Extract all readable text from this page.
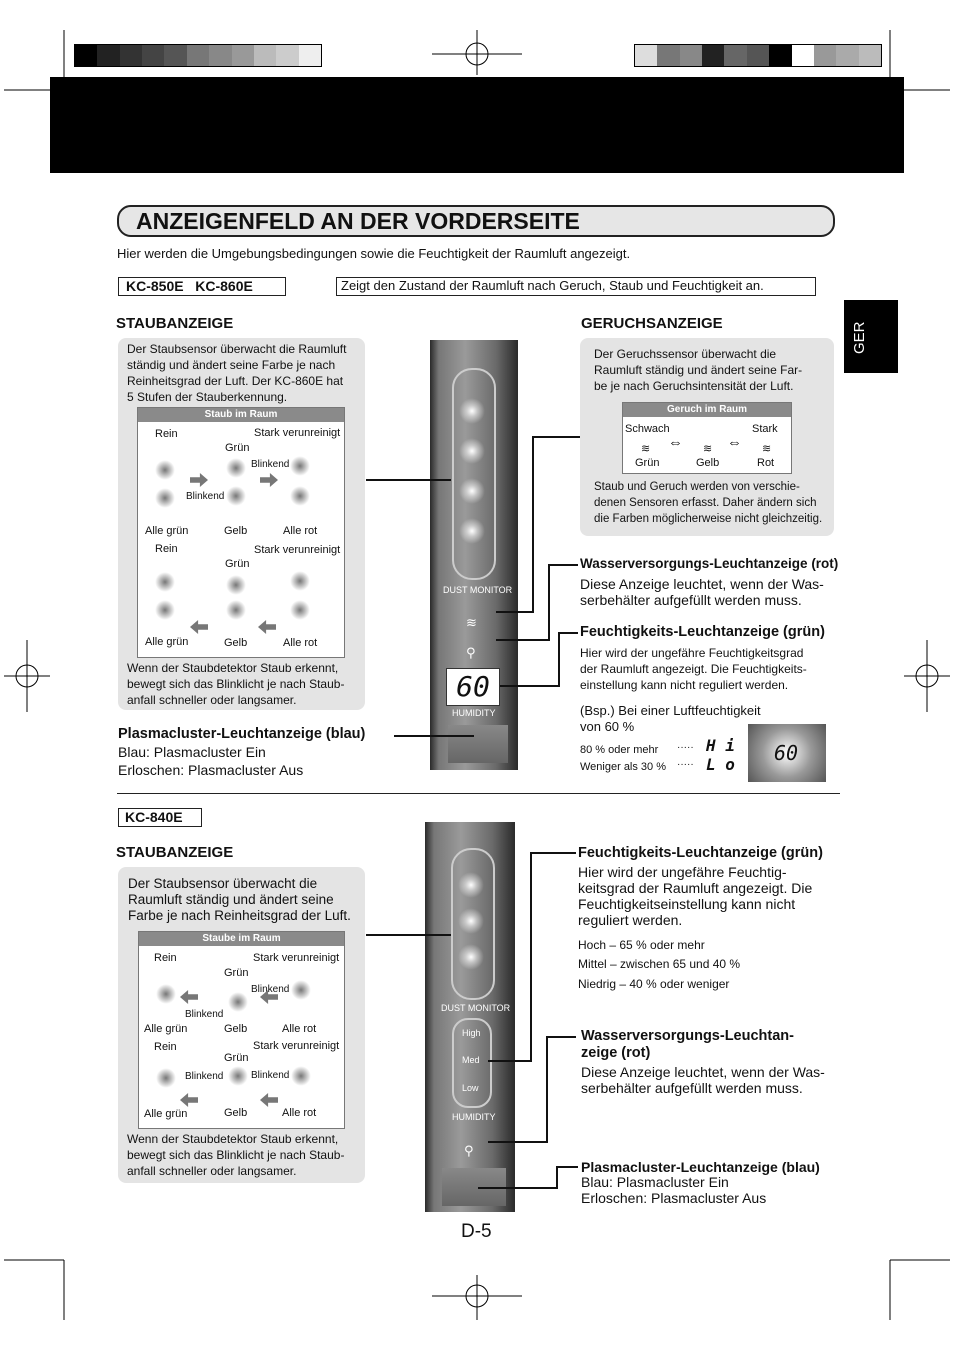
ANZEIGENFELD AN DER VORDERSEITE
Hier werden die Umgebungsbedingungen sowie die Feuchtigkeit der Raumluft angezeigt.
GER
KC-850E   KC-860E	Zeigt den Zustand der Raumluft nach Geruch, Staub und Feuchtigkeit an.
STAUBANZEIGE
Der Staubsensor überwacht die Raumluft
ständig und ändert seine Farbe je nach
Reinheitsgrad der Luft. Der KC-860E hat
5 Stufen der Stauberkennung.
Staub im Raum
Rein	Stark verunreinigt
Grün
Blinkend
Blinkend
Alle grün	Gelb	Alle rot
Rein	Stark verunreinigt
Grün
Alle grün	Gelb	Alle rot
Wenn der Staubdetektor Staub erkennt,
bewegt sich das Blinklicht je nach Staub-
anfall schneller oder langsamer.
DUST MONITOR
≋
⚲
60
HUMIDITY
GERUCHSANZEIGE
Der Geruchssensor überwacht die
Raumluft ständig und ändert seine Far-
be je nach Geruchsintensität der Luft.
Geruch im Raum
Schwach	Stark
≋ ⇔ ≋ ⇔ ≋
Grün	Gelb	Rot
Staub und Geruch werden von verschie-
denen Sensoren erfasst. Daher ändern sich
die Farben möglicherweise nicht gleichzeitig.
Wasserversorgungs-Leuchtanzeige (rot)
Diese Anzeige leuchtet, wenn der Was-
serbehälter aufgefüllt werden muss.
Feuchtigkeits-Leuchtanzeige (grün)
Hier wird der ungefähre Feuchtigkeitsgrad
der Raumluft angezeigt. Die Feuchtigkeits-
einstellung kann nicht reguliert werden.
(Bsp.) Bei einer Luftfeuchtigkeit
von 60 %
80 % oder mehr ····· H i
Weniger als 30 % ····· L o	60
Plasmacluster-Leuchtanzeige (blau)
Blau: Plasmacluster Ein
Erloschen: Plasmacluster Aus
KC-840E
STAUBANZEIGE
Der Staubsensor überwacht die
Raumluft ständig und ändert seine
Farbe je nach Reinheitsgrad der Luft.
Staube im Raum
Rein	Stark verunreinigt
Grün
Blinkend
Blinkend
Alle grün	Gelb	Alle rot
Rein	Stark verunreinigt
Grün
Blinkend	Blinkend
Alle grün	Gelb	Alle rot
Wenn der Staubdetektor Staub erkennt,
bewegt sich das Blinklicht je nach Staub-
anfall schneller oder langsamer.
DUST MONITOR
High
Med
Low
HUMIDITY
⚲
Feuchtigkeits-Leuchtanzeige (grün)
Hier wird der ungefähre Feuchtig-
keitsgrad der Raumluft angezeigt. Die
Feuchtigkeitseinstellung kann nicht
reguliert werden.
Hoch – 65 % oder mehr
Mittel – zwischen 65 und 40 %
Niedrig – 40 % oder weniger
Wasserversorgungs-Leuchtan-
zeige (rot)
Diese Anzeige leuchtet, wenn der Was-
serbehälter aufgefüllt werden muss.
Plasmacluster-Leuchtanzeige (blau)
Blau: Plasmacluster Ein
Erloschen: Plasmacluster Aus
D-5
